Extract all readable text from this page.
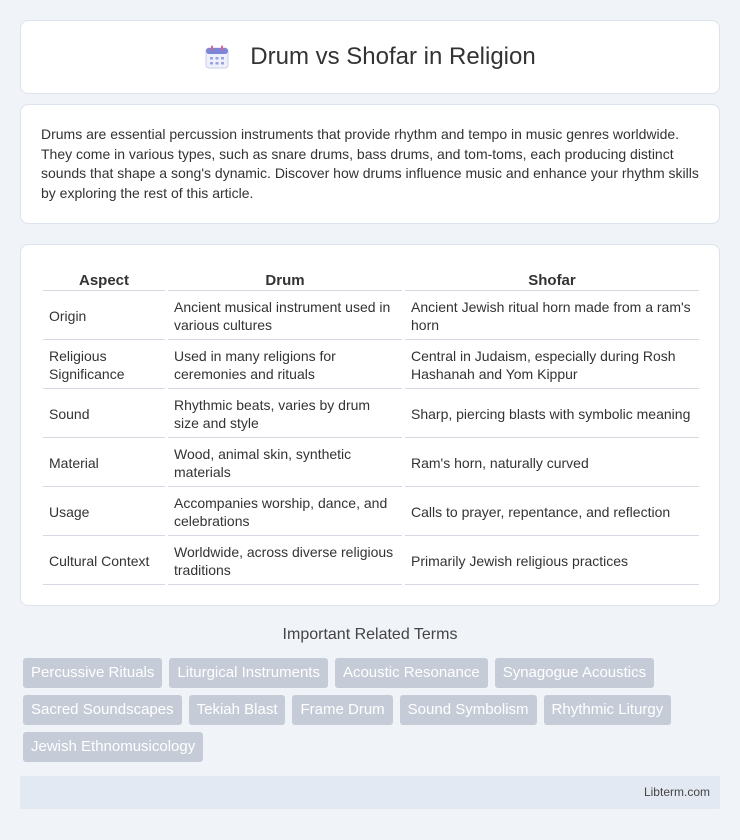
Drum vs Shofar in Religion

Drums are essential percussion instruments that provide rhythm and tempo in music genres worldwide. They come in various types, such as snare drums, bass drums, and tom-toms, each producing distinct sounds that shape a song's dynamic. Discover how drums influence music and enhance your rhythm skills by exploring the rest of this article.

Aspect	Drum	Shofar
Origin	Ancient musical instrument used in various cultures	Ancient Jewish ritual horn made from a ram's horn
Religious Significance	Used in many religions for ceremonies and rituals	Central in Judaism, especially during Rosh Hashanah and Yom Kippur
Sound	Rhythmic beats, varies by drum size and style	Sharp, piercing blasts with symbolic meaning
Material	Wood, animal skin, synthetic materials	Ram's horn, naturally curved
Usage	Accompanies worship, dance, and celebrations	Calls to prayer, repentance, and reflection
Cultural Context	Worldwide, across diverse religious traditions	Primarily Jewish religious practices
Important Related Terms
Percussive Rituals	Liturgical Instruments	Acoustic Resonance	Synagogue Acoustics
Sacred Soundscapes	Tekiah Blast	Frame Drum	Sound Symbolism	Rhythmic Liturgy
Jewish Ethnomusicology
Libterm.com
